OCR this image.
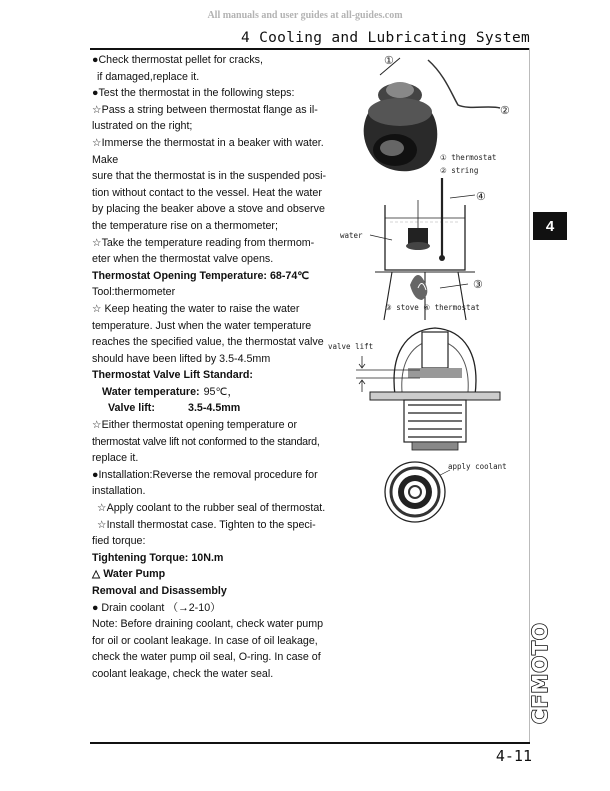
All manuals and user guides at all-guides.com
4 Cooling and Lubricating System
4

●Check thermostat pellet for cracks,

if damaged,replace it.

●Test the thermostat in the following steps:

☆Pass a string between thermostat flange as il-

lustrated on the right;

☆Immerse the thermostat in a beaker with water.

Make

sure that the thermostat is in the suspended posi-

tion without contact to the vessel. Heat the water

by placing the beaker above a stove and observe

the temperature rise on a thermometer;

☆Take the temperature reading from thermom-

eter when the thermostat valve opens.

Thermostat Opening Temperature: 68-74℃

Tool:thermometer

☆ Keep heating the water to raise the water

temperature. Just when the water temperature

reaches the specified value, the thermostat valve

should have been lifted by 3.5-4.5mm

Thermostat Valve Lift Standard:

Water temperature: 95℃，
Valve lift:	3.5-4.5mm

☆Either thermostat opening temperature or

thermostat valve lift not conformed to the standard,

replace it.

●Installation:Reverse the removal procedure for

installation.

☆Apply coolant to the rubber seal of thermostat.

☆Install thermostat case. Tighten to the speci-

fied torque:

Tightening Torque: 10N.m

△ Water Pump

Removal and Disassembly

● Drain coolant （→2-10）

Note: Before draining coolant, check water pump

for oil or coolant leakage. In case of oil leakage,

check the water pump oil seal, O-ring. In case of

coolant leakage, check the water seal.

①
②
① thermostat
② string
④
water
③
③ stove ④ thermostat
valve lift
apply coolant
CFMOTO
4-11
